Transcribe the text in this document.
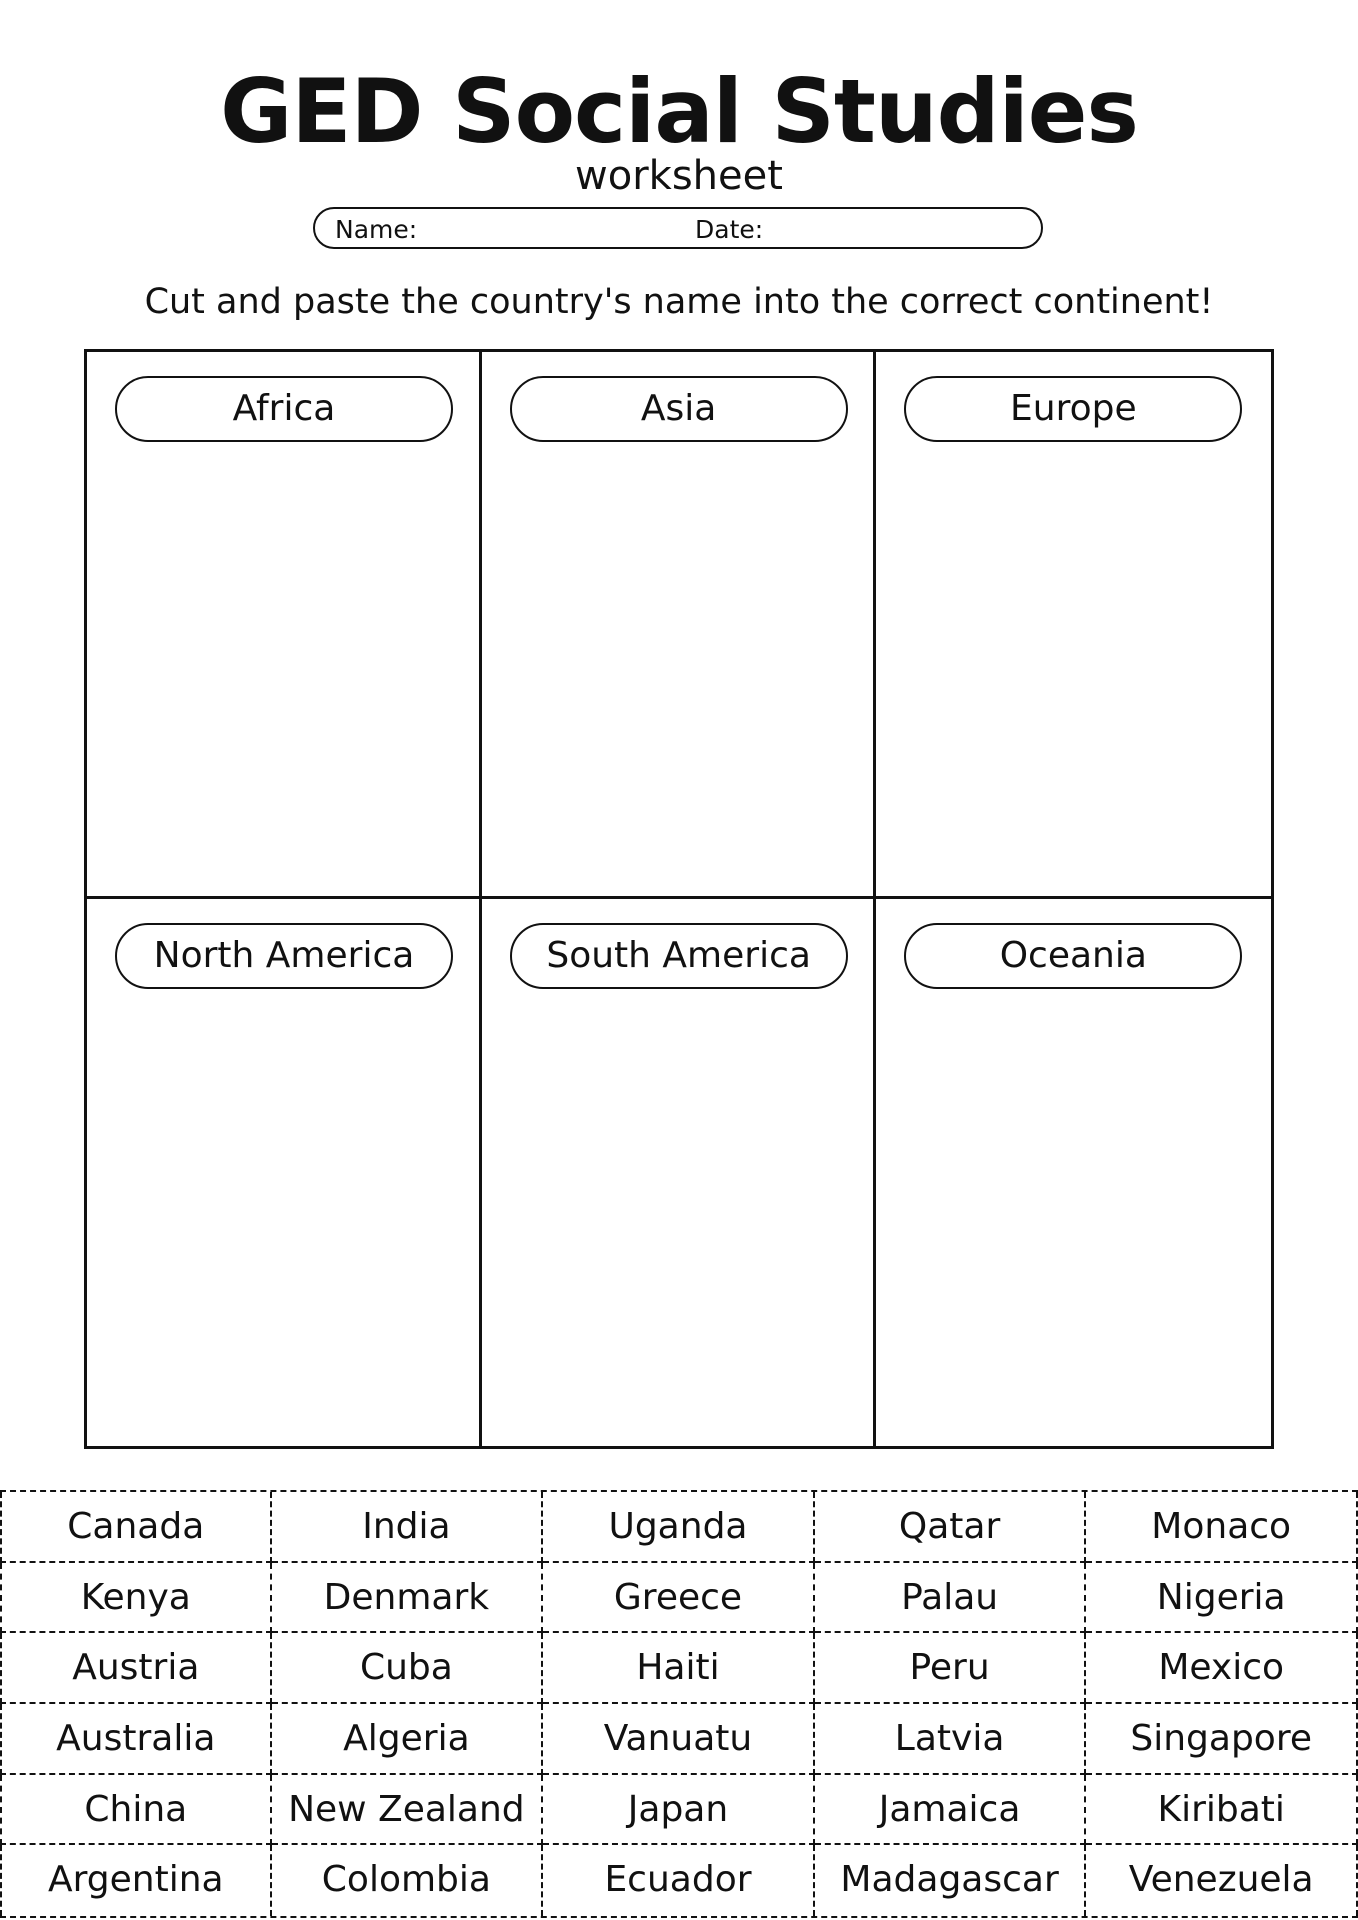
GED Social Studies
worksheet
Name:	Date:
Cut and paste the country's name into the correct continent!
Africa	Asia	Europe
North America	South America	Oceania
Canada	India	Uganda	Qatar	Monaco
Kenya	Denmark	Greece	Palau	Nigeria
Austria	Cuba	Haiti	Peru	Mexico
Australia	Algeria	Vanuatu	Latvia	Singapore
China	New Zealand	Japan	Jamaica	Kiribati
Argentina	Colombia	Ecuador	Madagascar	Venezuela
